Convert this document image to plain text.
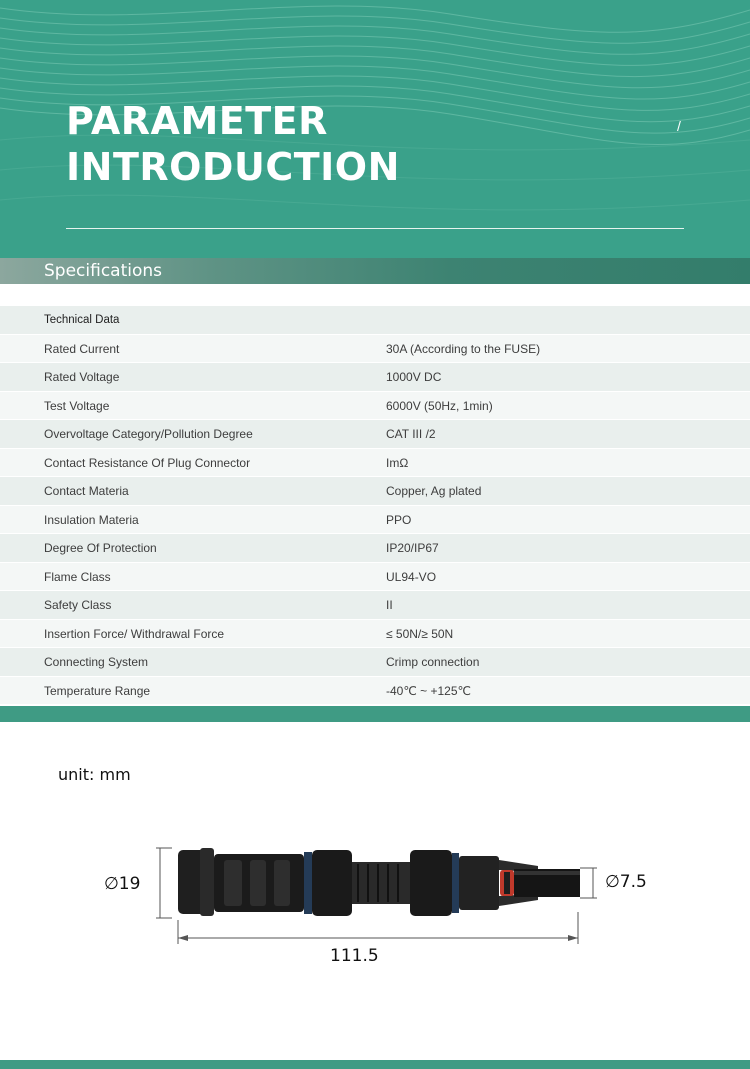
PARAMETER
INTRODUCTION
/
Specifications
Technical Data
Rated Current	30A (According to the FUSE)
Rated Voltage	1000V DC
Test Voltage	6000V (50Hz, 1min)
Overvoltage Category/Pollution Degree	CAT III /2
Contact Resistance Of Plug Connector	ImΩ
Contact Materia	Copper, Ag plated
Insulation Materia	PPO
Degree Of Protection	IP20/IP67
Flame Class	UL94-VO
Safety Class	II
Insertion Force/ Withdrawal Force	≤ 50N/≥ 50N
Connecting System	Crimp connection
Temperature Range	-40℃ ~ +125℃
unit: mm
∅19	∅7.5
111.5
